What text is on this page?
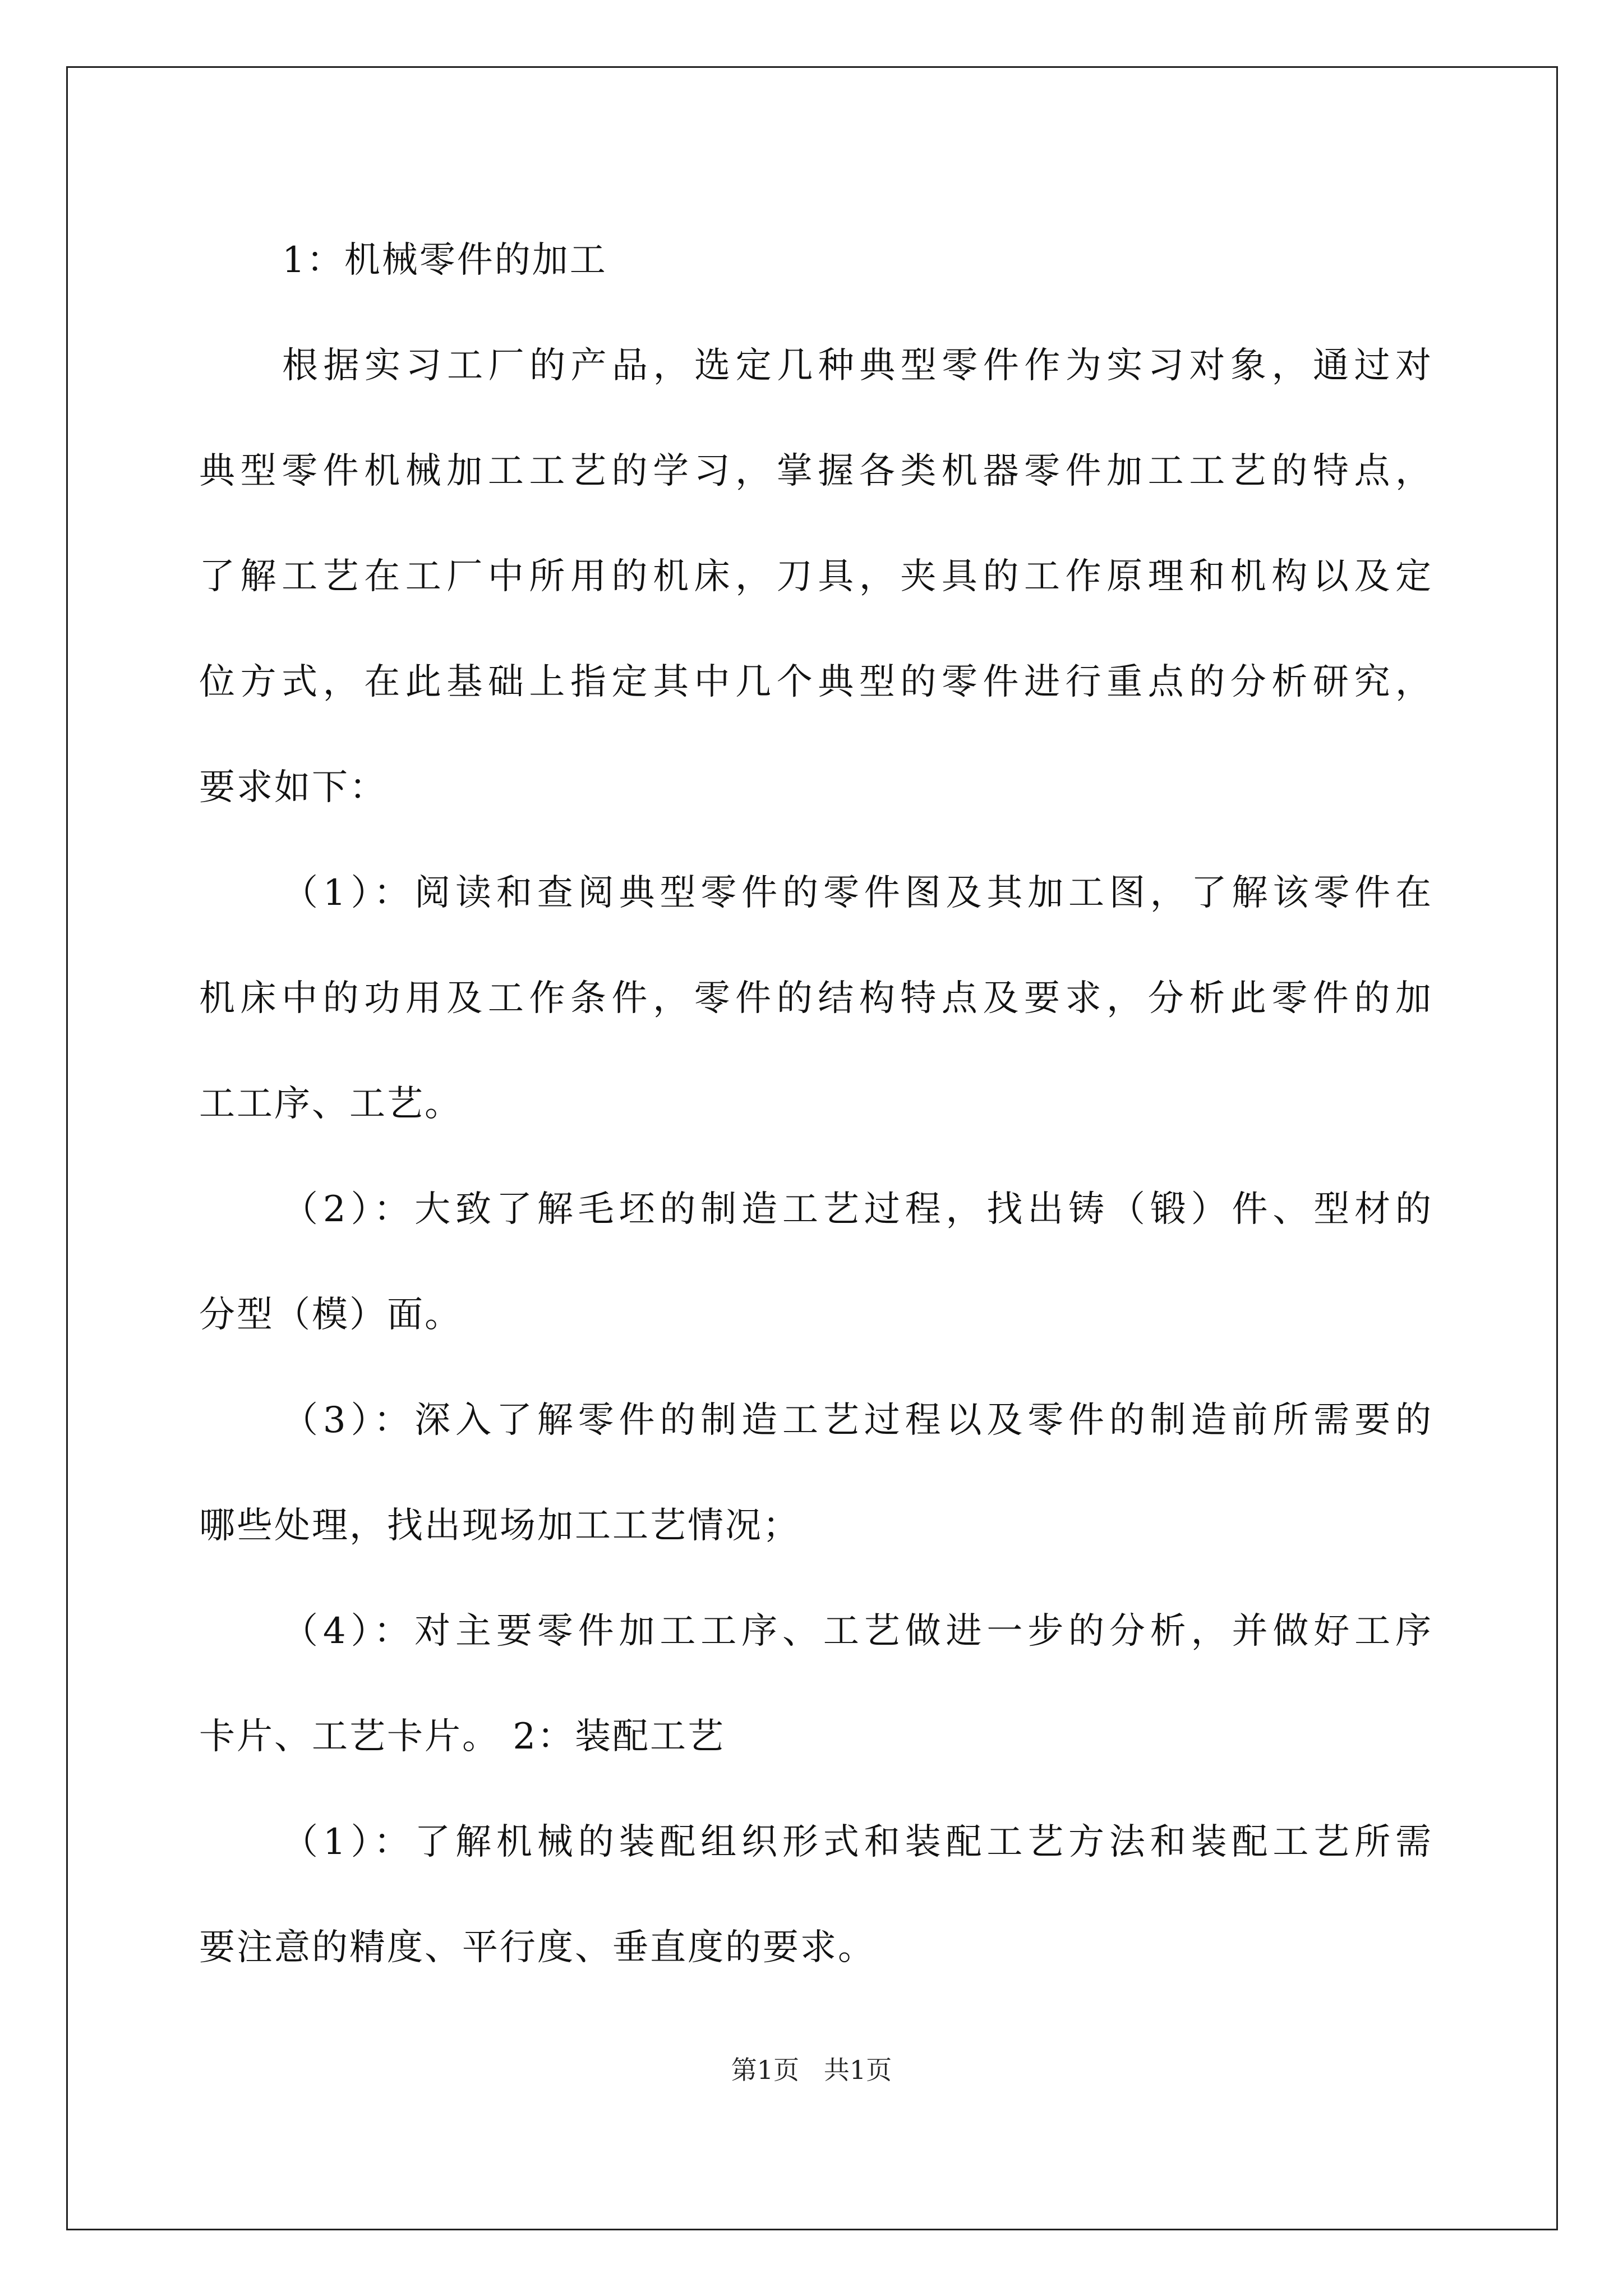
1：机械零件的加工
根据实习工厂的产品，选定几种典型零件作为实习对象，通过对
典型零件机械加工工艺的学习，掌握各类机器零件加工工艺的特点，
了解工艺在工厂中所用的机床，刀具，夹具的工作原理和机构以及定
位方式，在此基础上指定其中几个典型的零件进行重点的分析研究，
要求如下：
（1）：阅读和查阅典型零件的零件图及其加工图，了解该零件在
机床中的功用及工作条件，零件的结构特点及要求，分析此零件的加
工工序、工艺。
（2）：大致了解毛坯的制造工艺过程，找出铸（锻）件、型材的
分型（模）面。
（3）：深入了解零件的制造工艺过程以及零件的制造前所需要的
哪些处理，找出现场加工工艺情况；
（4）：对主要零件加工工序、工艺做进一步的分析，并做好工序
卡片、工艺卡片。 2：装配工艺
（1）：了解机械的装配组织形式和装配工艺方法和装配工艺所需
要注意的精度、平行度、垂直度的要求。
第1页   共1页
